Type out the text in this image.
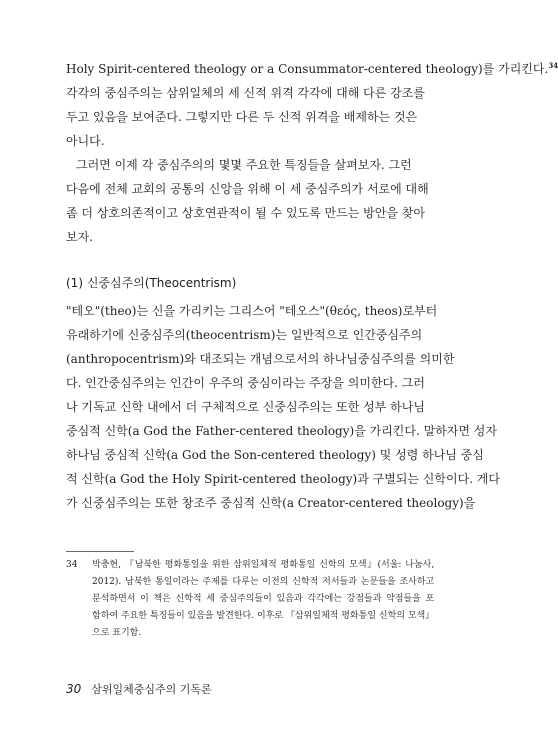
Holy Spirit-centered theology or a Consummator-centered theology)를 가리킨다.$^{34}$
각각의 중심주의는 삼위일체의 세 신적 위격 각각에 대해 다른 강조를
두고 있음을 보여준다. 그렇지만 다른 두 신적 위격을 배제하는 것은
아니다.
그러면 이제 각 중심주의의 몇몇 주요한 특징들을 살펴보자. 그런
다음에 전체 교회의 공통의 신앙을 위해 이 세 중심주의가 서로에 대해
좀 더 상호의존적이고 상호연관적이 될 수 있도록 만드는 방안을 찾아
보자.
(1) 신중심주의(Theocentrism)
"테오"(theo)는 신을 가리키는 그리스어 "테오스"(θεός, theos)로부터
유래하기에 신중심주의(theocentrism)는 일반적으로 인간중심주의
(anthropocentrism)와 대조되는 개념으로서의 하나님중심주의를 의미한
다. 인간중심주의는 인간이 우주의 중심이라는 주장을 의미한다. 그러
나 기독교 신학 내에서 더 구체적으로 신중심주의는 또한 성부 하나님
중심적 신학(a God the Father-centered theology)을 가리킨다. 말하자면 성자
하나님 중심적 신학(a God the Son-centered theology) 및 성령 하나님 중심
적 신학(a God the Holy Spirit-centered theology)과 구별되는 신학이다. 게다
가 신중심주의는 또한 창조주 중심적 신학(a Creator-centered theology)을
34	박충현, 『남북한 평화통일을 위한 삼위일체적 평화통일 신학의 모색』(서울: 나눔사,
2012). 남북한 통일이라는 주제를 다루는 이전의 신학적 저서들과 논문들을 조사하고
분석하면서 이 책은 신학적 세 중심주의들이 있음과 각각에는 강점들과 약점들을 포
함하여 주요한 특징들이 있음을 발견한다. 이후로 『삼위일체적 평화통일 신학의 모색』
으로 표기함.
30 삼위일체중심주의 기독론
